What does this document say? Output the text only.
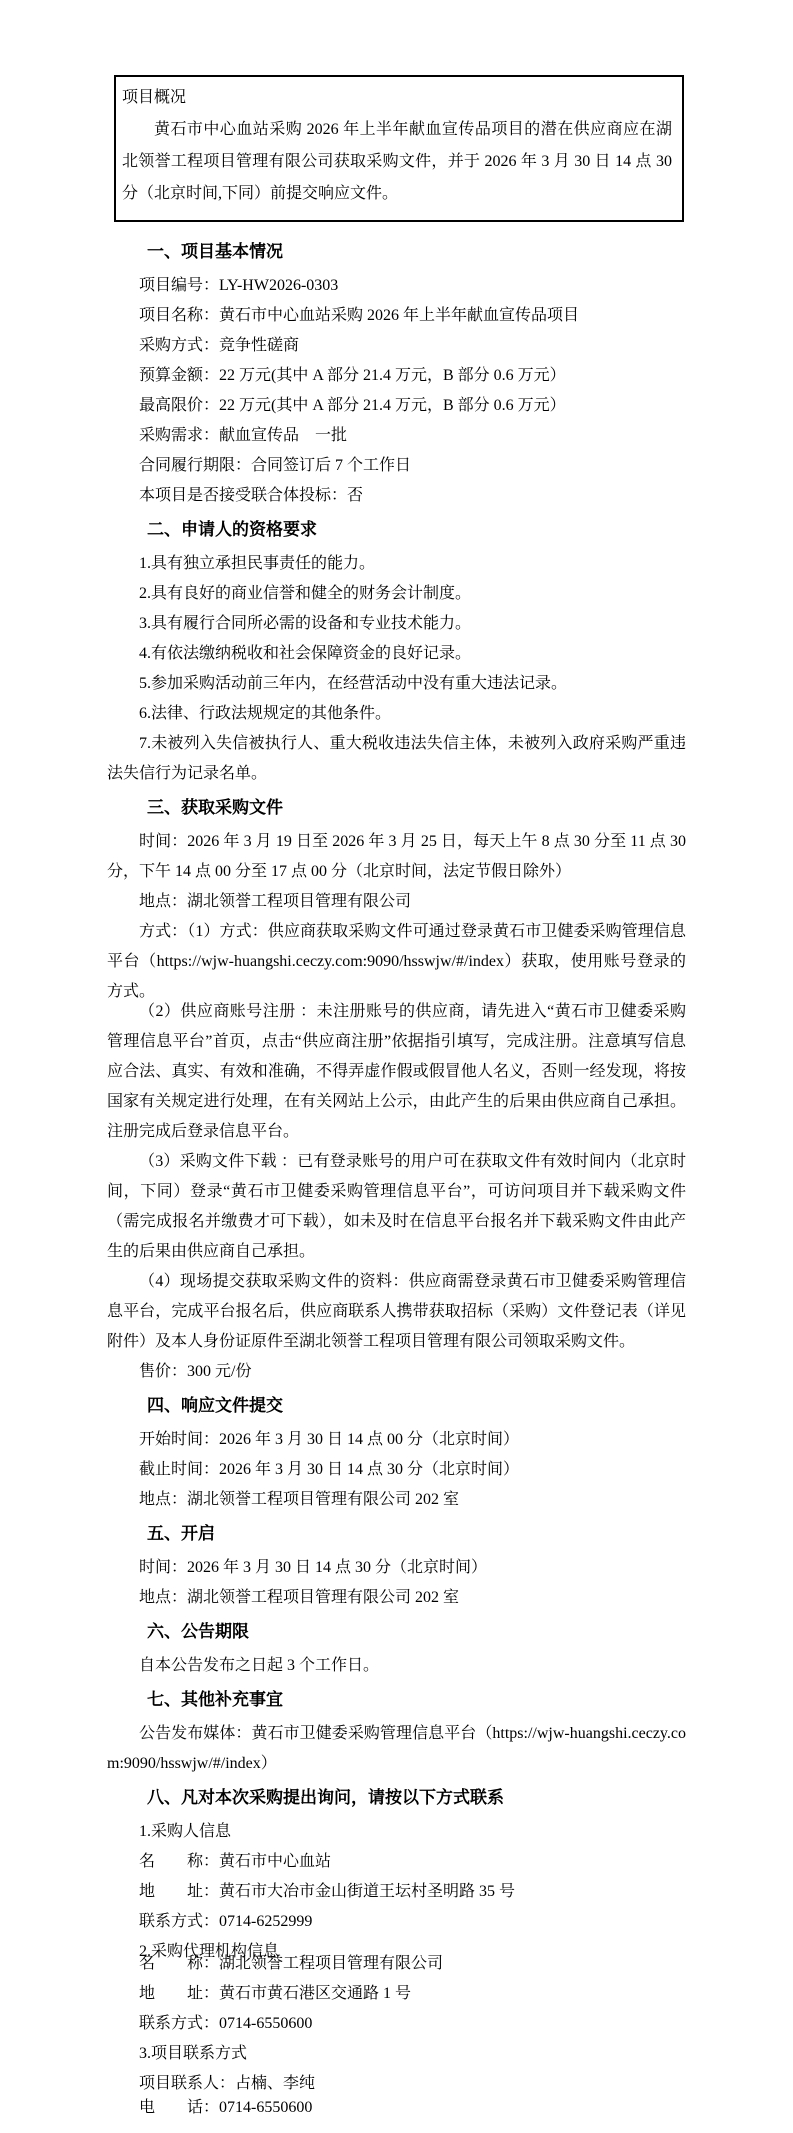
项目概况

黄石市中心血站采购 2026 年上半年献血宣传品项目的潜在供应商应在湖北领誉工程项目管理有限公司获取采购文件，并于 2026 年 3 月 30 日 14 点 30 分（北京时间,下同）前提交响应文件。

一、项目基本情况

项目编号：LY-HW2026-0303

项目名称：黄石市中心血站采购 2026 年上半年献血宣传品项目

采购方式：竞争性磋商

预算金额：22 万元(其中 A 部分 21.4 万元，B 部分 0.6 万元）

最高限价：22 万元(其中 A 部分 21.4 万元，B 部分 0.6 万元）

采购需求：献血宣传品　一批

合同履行期限：合同签订后 7 个工作日

本项目是否接受联合体投标：否

二、申请人的资格要求

1.具有独立承担民事责任的能力。

2.具有良好的商业信誉和健全的财务会计制度。

3.具有履行合同所必需的设备和专业技术能力。

4.有依法缴纳税收和社会保障资金的良好记录。

5.参加采购活动前三年内，在经营活动中没有重大违法记录。

6.法律、行政法规规定的其他条件。

7.未被列入失信被执行人、重大税收违法失信主体，未被列入政府采购严重违法失信行为记录名单。

三、获取采购文件

时间：2026 年 3 月 19 日至 2026 年 3 月 25 日，每天上午 8 点 30 分至 11 点 30 分，下午 14 点 00 分至 17 点 00 分（北京时间，法定节假日除外）

地点：湖北领誉工程项目管理有限公司

方式：（1）方式：供应商获取采购文件可通过登录黄石市卫健委采购管理信息平台（https://wjw-huangshi.ceczy.com:9090/hsswjw/#/index）获取，使用账号登录的方式。

（2）供应商账号注册 ：未注册账号的供应商，请先进入“黄石市卫健委采购管理信息平台”首页，点击“供应商注册”依据指引填写，完成注册。注意填写信息应合法、真实、有效和准确，不得弄虚作假或假冒他人名义，否则一经发现，将按国家有关规定进行处理，在有关网站上公示，由此产生的后果由供应商自己承担。注册完成后登录信息平台。

（3）采购文件下载 ：已有登录账号的用户可在获取文件有效时间内（北京时间，下同）登录“黄石市卫健委采购管理信息平台”，可访问项目并下载采购文件（需完成报名并缴费才可下载），如未及时在信息平台报名并下载采购文件由此产生的后果由供应商自己承担。

（4）现场提交获取采购文件的资料：供应商需登录黄石市卫健委采购管理信息平台，完成平台报名后，供应商联系人携带获取招标（采购）文件登记表（详见附件）及本人身份证原件至湖北领誉工程项目管理有限公司领取采购文件。

售价：300 元/份

四、响应文件提交

开始时间：2026 年 3 月 30 日 14 点 00 分（北京时间）

截止时间：2026 年 3 月 30 日 14 点 30 分（北京时间）

地点：湖北领誉工程项目管理有限公司 202 室

五、开启

时间：2026 年 3 月 30 日 14 点 30 分（北京时间）

地点：湖北领誉工程项目管理有限公司 202 室

六、公告期限

自本公告发布之日起 3 个工作日。

七、其他补充事宜

公告发布媒体：黄石市卫健委采购管理信息平台（https://wjw-huangshi.ceczy.com:9090/hsswjw/#/index）

八、凡对本次采购提出询问，请按以下方式联系

1.采购人信息

名　　称：黄石市中心血站

地　　址：黄石市大冶市金山街道王坛村圣明路 35 号

联系方式：0714-6252999

2.采购代理机构信息

名　　称：湖北领誉工程项目管理有限公司

地　　址：黄石市黄石港区交通路 1 号

联系方式：0714-6550600

3.项目联系方式

项目联系人：占楠、李纯

电　　话：0714-6550600
